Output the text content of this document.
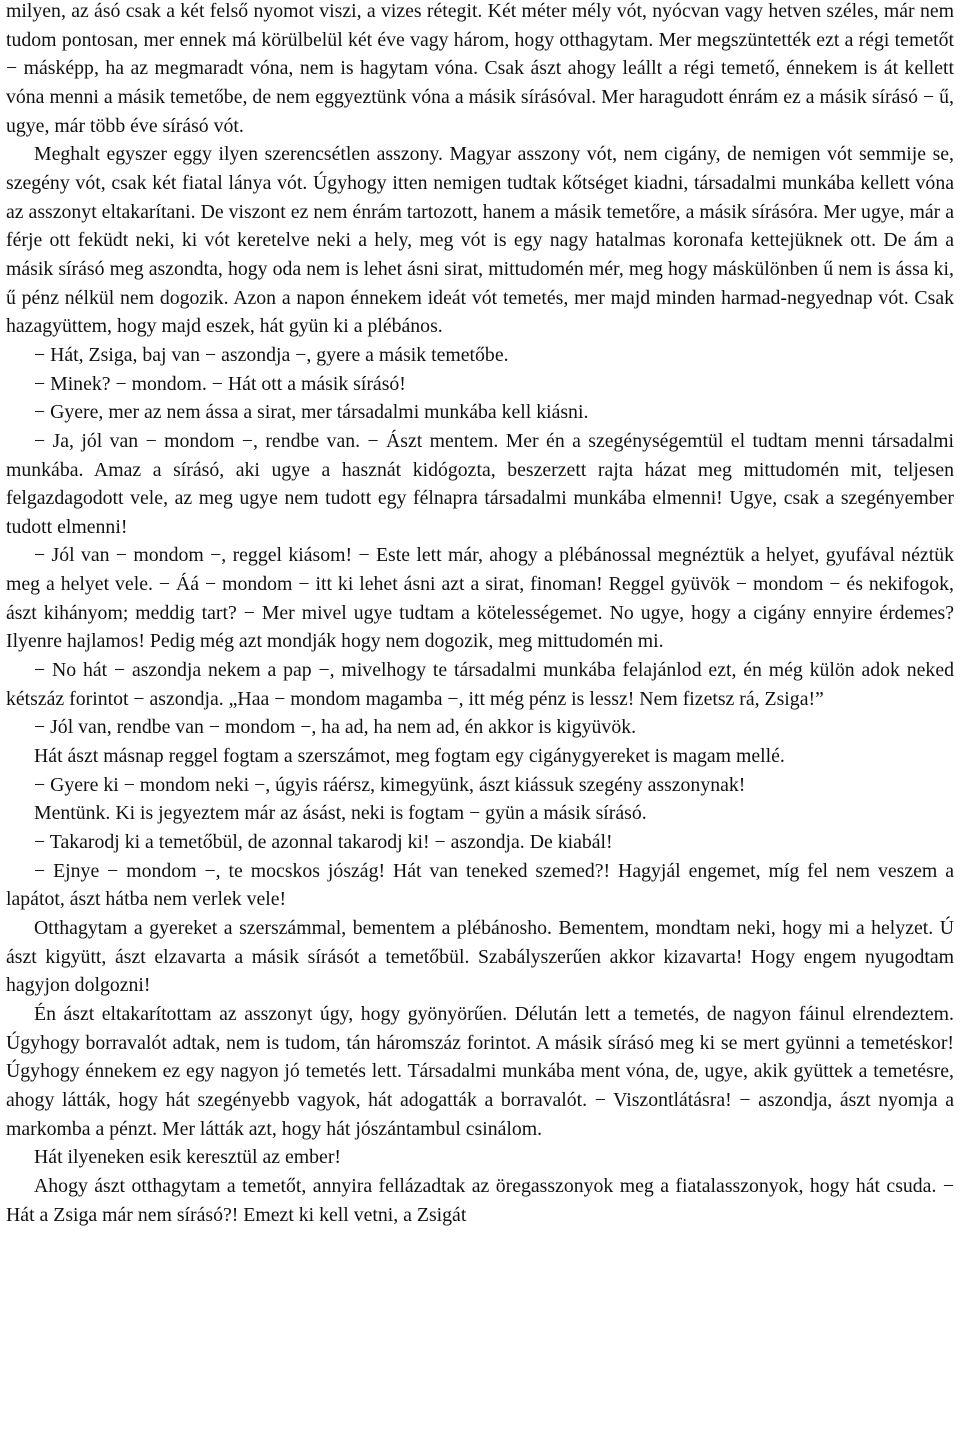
milyen, az ásó csak a két felső nyomot viszi, a vizes rétegit. Két méter mély vót, nyócvan vagy hetven széles, már nem tudom pontosan, mer ennek má körülbelül két éve vagy három, hogy otthagytam. Mer megszüntették ezt a régi temetőt − másképp, ha az megmaradt vóna, nem is hagytam vóna. Csak ászt ahogy leállt a régi temető, énnekem is át kellett vóna menni a másik temetőbe, de nem eggyeztünk vóna a másik sírásóval. Mer haragudott énrám ez a másik sírásó − ű, ugye, már több éve sírásó vót.

Meghalt egyszer eggy ilyen szerencsétlen asszony. Magyar asszony vót, nem cigány, de nemigen vót semmije se, szegény vót, csak két fiatal lánya vót. Úgyhogy itten nemigen tudtak kőtséget kiadni, társadalmi munkába kellett vóna az asszonyt eltakarítani. De viszont ez nem énrám tartozott, hanem a másik temetőre, a másik sírásóra. Mer ugye, már a férje ott feküdt neki, ki vót keretelve neki a hely, meg vót is egy nagy hatalmas koronafa kettejüknek ott. De ám a másik sírásó meg aszondta, hogy oda nem is lehet ásni sirat, mittudomén mér, meg hogy máskülönben ű nem is ássa ki, ű pénz nélkül nem dogozik. Azon a napon énnekem ideát vót temetés, mer majd minden harmad-negyednap vót. Csak hazagyüttem, hogy majd eszek, hát gyün ki a plébános.

− Hát, Zsiga, baj van − aszondja −, gyere a másik temetőbe.

− Minek? − mondom. − Hát ott a másik sírásó!

− Gyere, mer az nem ássa a sirat, mer társadalmi munkába kell kiásni.

− Ja, jól van − mondom −, rendbe van. − Ászt mentem. Mer én a szegénységemtül el tudtam menni társadalmi munkába. Amaz a sírásó, aki ugye a hasznát kidógozta, beszerzett rajta házat meg mittudomén mit, teljesen felgazdagodott vele, az meg ugye nem tudott egy félnapra társadalmi munkába elmenni! Ugye, csak a szegényember tudott elmenni!

− Jól van − mondom −, reggel kiásom! − Este lett már, ahogy a plébánossal megnéztük a helyet, gyufával néztük meg a helyet vele. − Áá − mondom − itt ki lehet ásni azt a sirat, finoman! Reggel gyüvök − mondom − és nekifogok, ászt kihányom; meddig tart? − Mer mivel ugye tudtam a kötelességemet. No ugye, hogy a cigány ennyire érdemes? Ilyenre hajlamos! Pedig még azt mondják hogy nem dogozik, meg mittudomén mi.

− No hát − aszondja nekem a pap −, mivelhogy te társadalmi munkába felajánlod ezt, én még külön adok neked kétszáz forintot − aszondja. „Haa − mondom magamba −, itt még pénz is lessz! Nem fizetsz rá, Zsiga!”

− Jól van, rendbe van − mondom −, ha ad, ha nem ad, én akkor is kigyüvök.

Hát ászt másnap reggel fogtam a szerszámot, meg fogtam egy cigánygyereket is magam mellé.

− Gyere ki − mondom neki −, úgyis ráérsz, kimegyünk, ászt kiássuk szegény asszonynak!

Mentünk. Ki is jegyeztem már az ásást, neki is fogtam − gyün a másik sírásó.

− Takarodj ki a temetőbül, de azonnal takarodj ki! − aszondja. De kiabál!

− Ejnye − mondom −, te mocskos jószág! Hát van teneked szemed?! Hagyjál engemet, míg fel nem veszem a lapátot, ászt hátba nem verlek vele!

Otthagytam a gyereket a szerszámmal, bementem a plébánosho. Bementem, mondtam neki, hogy mi a helyzet. Ú ászt kigyütt, ászt elzavarta a másik sírásót a temetőbül. Szabályszerűen akkor kizavarta! Hogy engem nyugodtam hagyjon dolgozni!

Én ászt eltakarítottam az asszonyt úgy, hogy gyönyörűen. Délután lett a temetés, de nagyon fáinul elrendeztem. Úgyhogy borravalót adtak, nem is tudom, tán háromszáz forintot. A másik sírásó meg ki se mert gyünni a temetéskor! Úgyhogy énnekem ez egy nagyon jó temetés lett. Társadalmi munkába ment vóna, de, ugye, akik gyüttek a temetésre, ahogy látták, hogy hát szegényebb vagyok, hát adogatták a borravalót. − Viszontlátásra! − aszondja, ászt nyomja a markomba a pénzt. Mer látták azt, hogy hát jószántambul csinálom.

Hát ilyeneken esik keresztül az ember!

Ahogy ászt otthagytam a temetőt, annyira fellázadtak az öregasszonyok meg a fiatalasszonyok, hogy hát csuda. − Hát a Zsiga már nem sírásó?! Emezt ki kell vetni, a Zsigát
